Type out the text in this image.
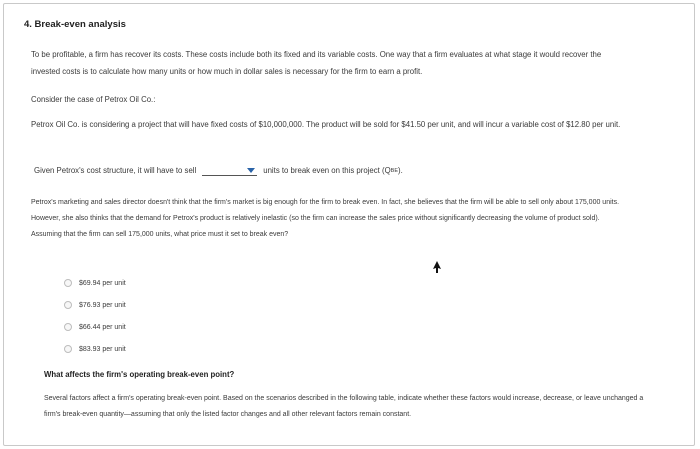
4. Break-even analysis
To be profitable, a firm has recover its costs. These costs include both its fixed and its variable costs. One way that a firm evaluates at what stage it would recover the invested costs is to calculate how many units or how much in dollar sales is necessary for the firm to earn a profit.
Consider the case of Petrox Oil Co.:
Petrox Oil Co. is considering a project that will have fixed costs of $10,000,000. The product will be sold for $41.50 per unit, and will incur a variable cost of $12.80 per unit.
Given Petrox's cost structure, it will have to sell	units to break even on this project (Q BE ).
Petrox's marketing and sales director doesn't think that the firm's market is big enough for the firm to break even. In fact, she believes that the firm will be able to sell only about 175,000 units. However, she also thinks that the demand for Petrox's product is relatively inelastic (so the firm can increase the sales price without significantly decreasing the volume of product sold). Assuming that the firm can sell 175,000 units, what price must it set to break even?
$69.94 per unit
$76.93 per unit
$66.44 per unit
$83.93 per unit
What affects the firm's operating break-even point?
Several factors affect a firm's operating break-even point. Based on the scenarios described in the following table, indicate whether these factors would increase, decrease, or leave unchanged a firm's break-even quantity—assuming that only the listed factor changes and all other relevant factors remain constant.
